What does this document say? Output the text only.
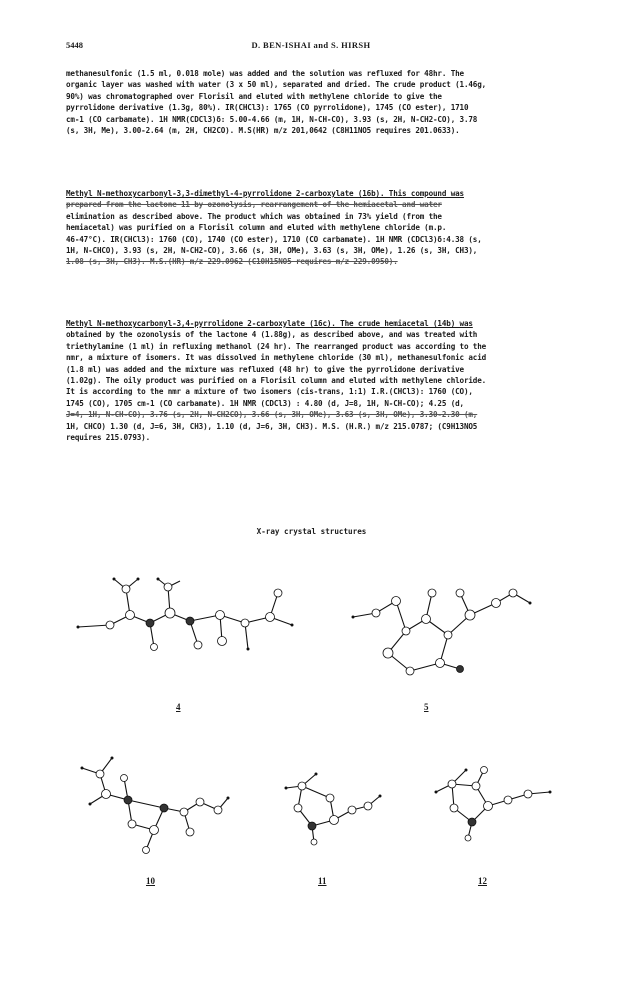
5448	D. BEN-ISHAI and S. HIRSH
methanesulfonic (1.5 ml, 0.018 mole) was added and the solution was refluxed for 48hr. The
organic layer was washed with water (3 x 50 ml), separated and dried. The crude product (1.46g,
90%) was chromatographed over Florisil and eluted with methylene chloride to give the
pyrrolidone derivative (1.3g, 80%). IR(CHCl3): 1765 (CO pyrrolidone), 1745 (CO ester), 1710
cm-1 (CO carbamate). 1H NMR(CDCl3)δ: 5.00-4.66 (m, 1H, N-CH-CO), 3.93 (s, 2H, N-CH2-CO), 3.78
(s, 3H, Me), 3.00-2.64 (m, 2H, CH2CO). M.S(HR) m/z 201,0642 (C8H11NO5 requires 201.0633).
Methyl N-methoxycarbonyl-3,3-dimethyl-4-pyrrolidone 2-carboxylate (16b). This compound was
prepared from the lactone 11 by ozonolysis, rearrangement of the hemiacetal and water
elimination as described above. The product which was obtained in 73% yield (from the
hemiacetal) was purified on a Florisil column and eluted with methylene chloride (m.p.
46-47°C). IR(CHCl3): 1760 (CO), 1740 (CO ester), 1710 (CO carbamate). 1H NMR (CDCl3)δ:4.38 (s,
1H, N-CHCO), 3.93 (s, 2H, N-CH2-CO), 3.66 (s, 3H, OMe), 3.63 (s, 3H, OMe), 1.26 (s, 3H, CH3),
1.08 (s, 3H, CH3). M.S.(HR) m/z 229.0962 (C10H15NO5 requires m/z 229.0950).
Methyl N-methoxycarbonyl-3,4-pyrrolidone 2-carboxylate (16c). The crude hemiacetal (14b) was
obtained by the ozonolysis of the lactone 4 (1.88g), as described above, and was treated with
triethylamine (1 ml) in refluxing methanol (24 hr). The rearranged product was according to the
nmr, a mixture of isomers. It was dissolved in methylene chloride (30 ml), methanesulfonic acid
(1.8 ml) was added and the mixture was refluxed (48 hr) to give the pyrrolidone derivative
(1.02g). The oily product was purified on a Florisil column and eluted with methylene chloride.
It is according to the nmr a mixture of two isomers (cis-trans, 1:1) I.R.(CHCl3): 1760 (CO),
1745 (CO), 1705 cm-1 (CO carbamate). 1H NMR (CDCl3) : 4.80 (d, J=8, 1H, N-CH-CO); 4.25 (d,
J=4, 1H, N-CH-CO), 3.76 (s, 2H, N-CH2CO), 3.66 (s, 3H, OMe), 3.63 (s, 3H, OMe), 3.30-2.30 (m,
1H, CHCO) 1.30 (d, J=6, 3H, CH3), 1.10 (d, J=6, 3H, CH3). M.S. (H.R.) m/z 215.0787; (C9H13NO5
requires 215.0793).
X-ray crystal structures
4	5
10	11	12
